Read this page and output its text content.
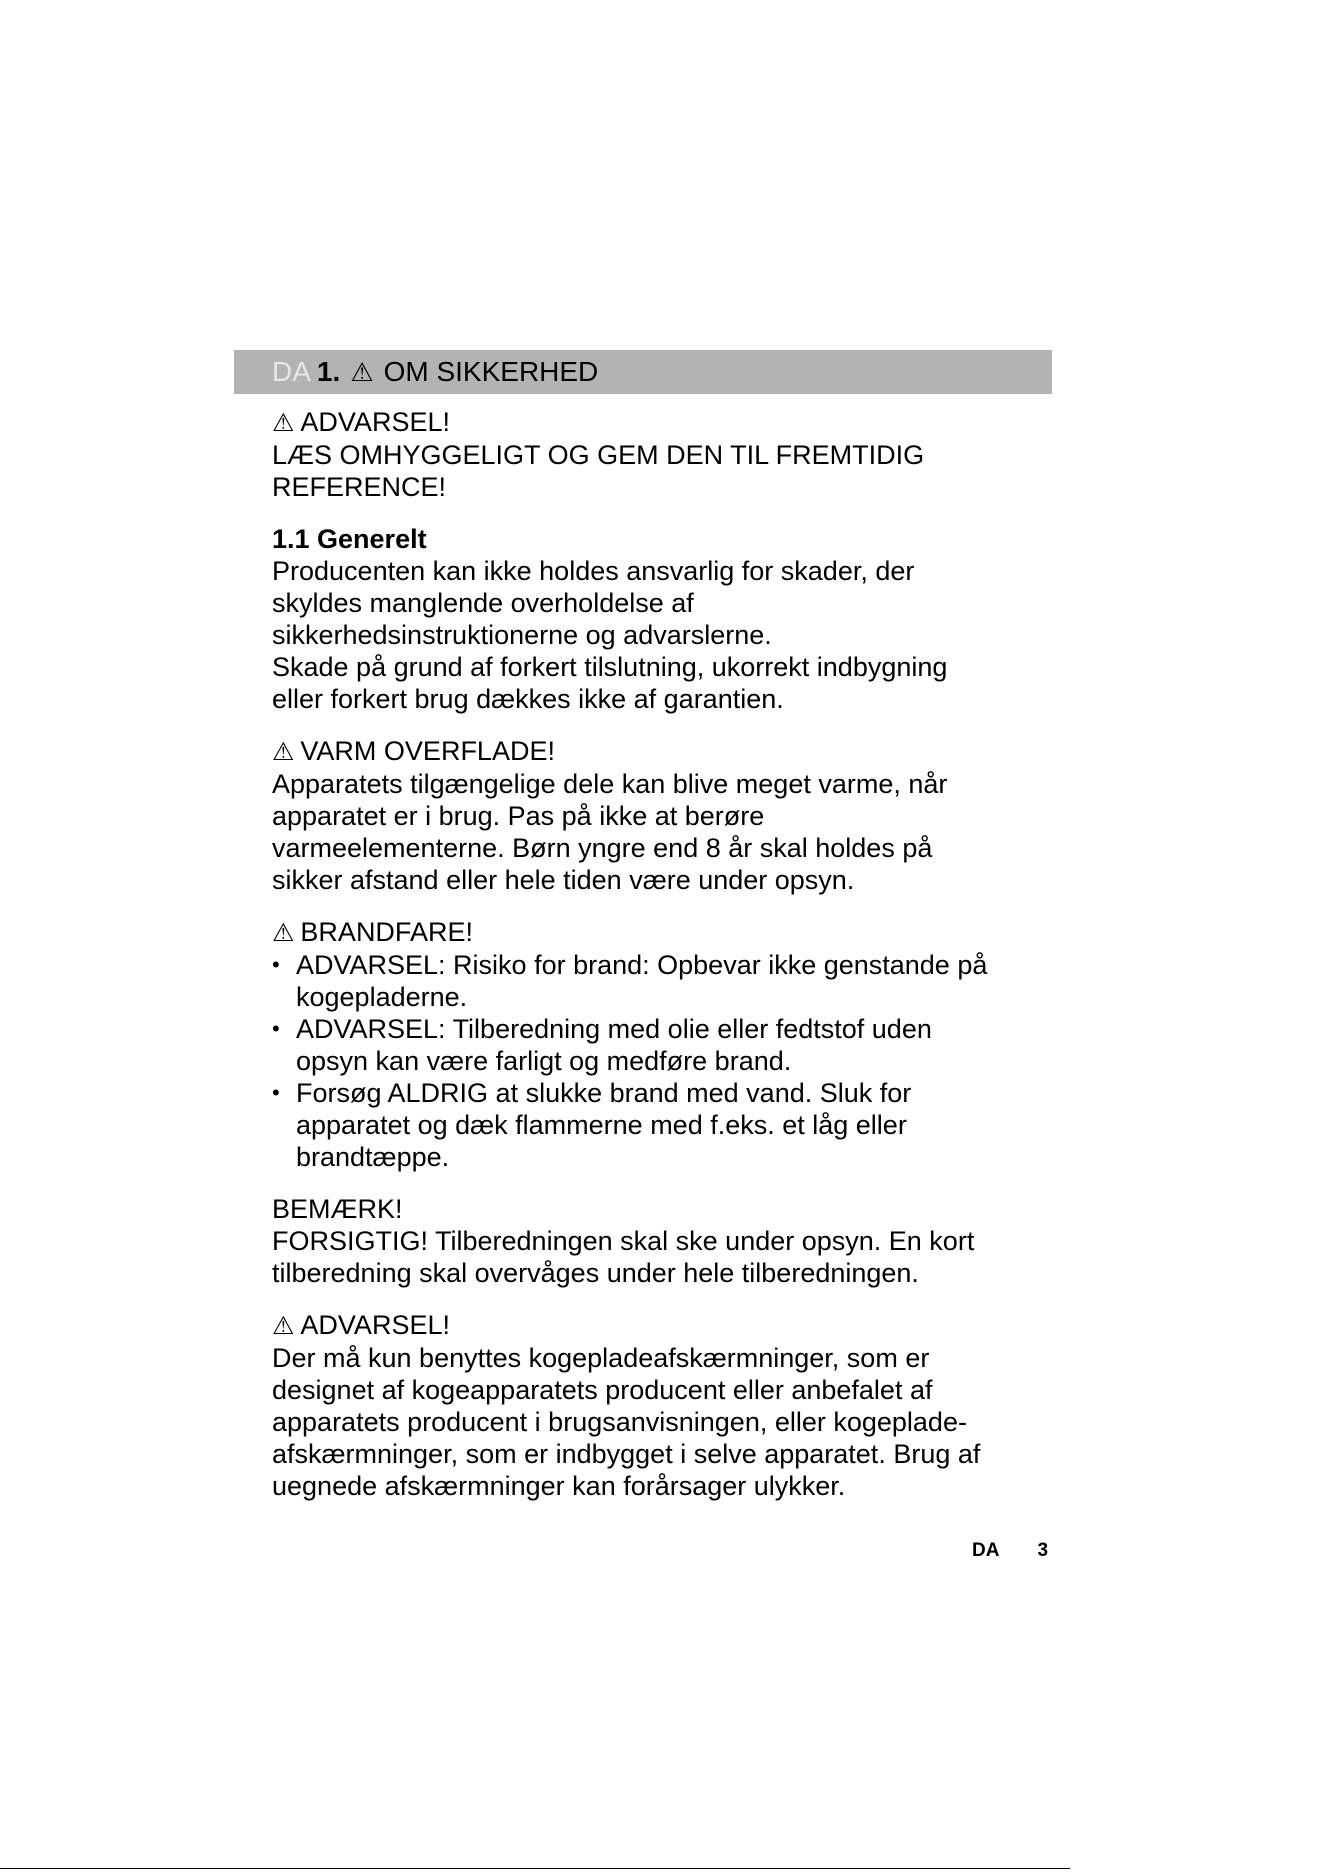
DA 1. ⚠ OM SIKKERHED
⚠ ADVARSEL!
LÆS OMHYGGELIGT OG GEM DEN TIL FREMTIDIG
REFERENCE!
1.1 Generelt
Producenten kan ikke holdes ansvarlig for skader, der
skyldes manglende overholdelse af
sikkerhedsinstruktionerne og advarslerne.
Skade på grund af forkert tilslutning, ukorrekt indbygning
eller forkert brug dækkes ikke af garantien.
⚠ VARM OVERFLADE!
Apparatets tilgængelige dele kan blive meget varme, når
apparatet er i brug. Pas på ikke at berøre
varmeelementerne. Børn yngre end 8 år skal holdes på
sikker afstand eller hele tiden være under opsyn.
⚠ BRANDFARE!
• ADVARSEL: Risiko for brand: Opbevar ikke genstande på
kogepladerne.
• ADVARSEL: Tilberedning med olie eller fedtstof uden
opsyn kan være farligt og medføre brand.
• Forsøg ALDRIG at slukke brand med vand. Sluk for
apparatet og dæk flammerne med f.eks. et låg eller
brandtæppe.
BEMÆRK!
FORSIGTIG! Tilberedningen skal ske under opsyn. En kort
tilberedning skal overvåges under hele tilberedningen.
⚠ ADVARSEL!
Der må kun benyttes kogepladeafskærmninger, som er
designet af kogeapparatets producent eller anbefalet af
apparatets producent i brugsanvisningen, eller kogeplade-
afskærmninger, som er indbygget i selve apparatet. Brug af
uegnede afskærmninger kan forårsager ulykker.
DA 3
